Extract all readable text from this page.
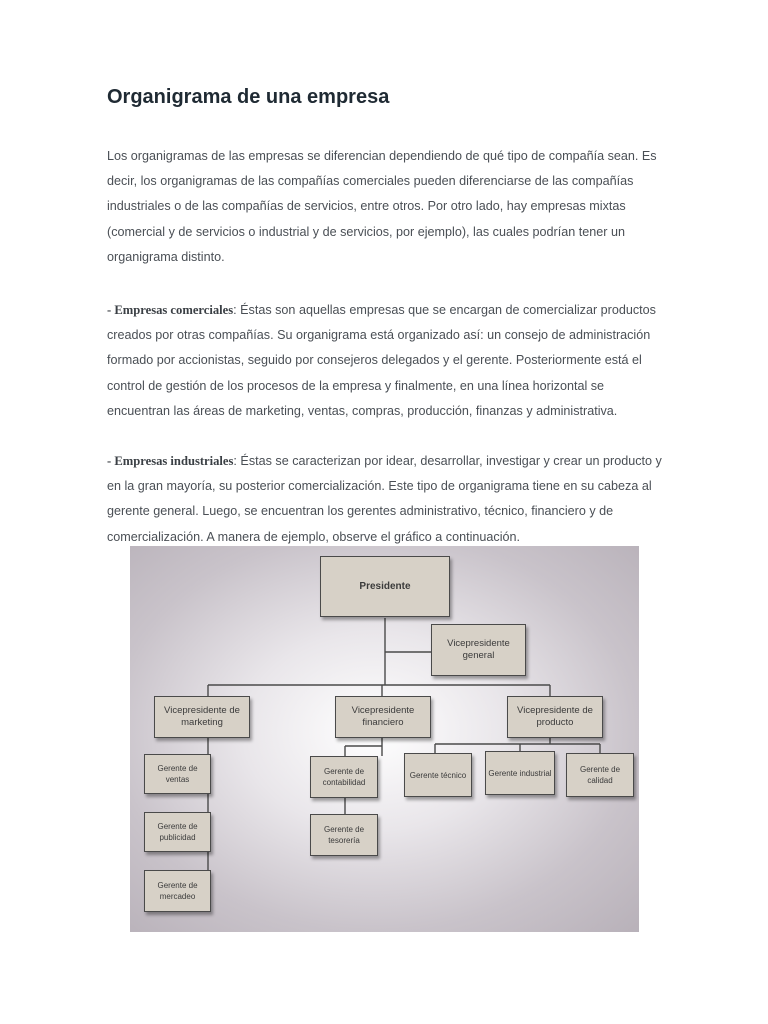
Organigrama de una empresa

Los organigramas de las empresas se diferencian dependiendo de qué tipo de compañía sean. Es decir, los organigramas de las compañías comerciales pueden diferenciarse de las compañías industriales o de las compañías de servicios, entre otros. Por otro lado, hay empresas mixtas (comercial y de servicios o industrial y de servicios, por ejemplo), las cuales podrían tener un organigrama distinto.

- Empresas comerciales: Éstas son aquellas empresas que se encargan de comercializar productos creados por otras compañías. Su organigrama está organizado así: un consejo de administración formado por accionistas, seguido por consejeros delegados y el gerente. Posteriormente está el control de gestión de los procesos de la empresa y finalmente, en una línea horizontal se encuentran las áreas de marketing, ventas, compras, producción, finanzas y administrativa.

- Empresas industriales: Éstas se caracterizan por idear, desarrollar, investigar y crear un producto y en la gran mayoría, su posterior comercialización. Este tipo de organigrama tiene en su cabeza al gerente general. Luego, se encuentran los gerentes administrativo, técnico, financiero y de comercialización. A manera de ejemplo, observe el gráfico a continuación.

Presidente
Vicepresidente general
Vicepresidente de marketing
Vicepresidente financiero
Vicepresidente de producto
Gerente de ventas
Gerente de publicidad
Gerente de mercadeo
Gerente de contabilidad
Gerente de tesorería
Gerente técnico	Gerente industrial	Gerente de calidad
